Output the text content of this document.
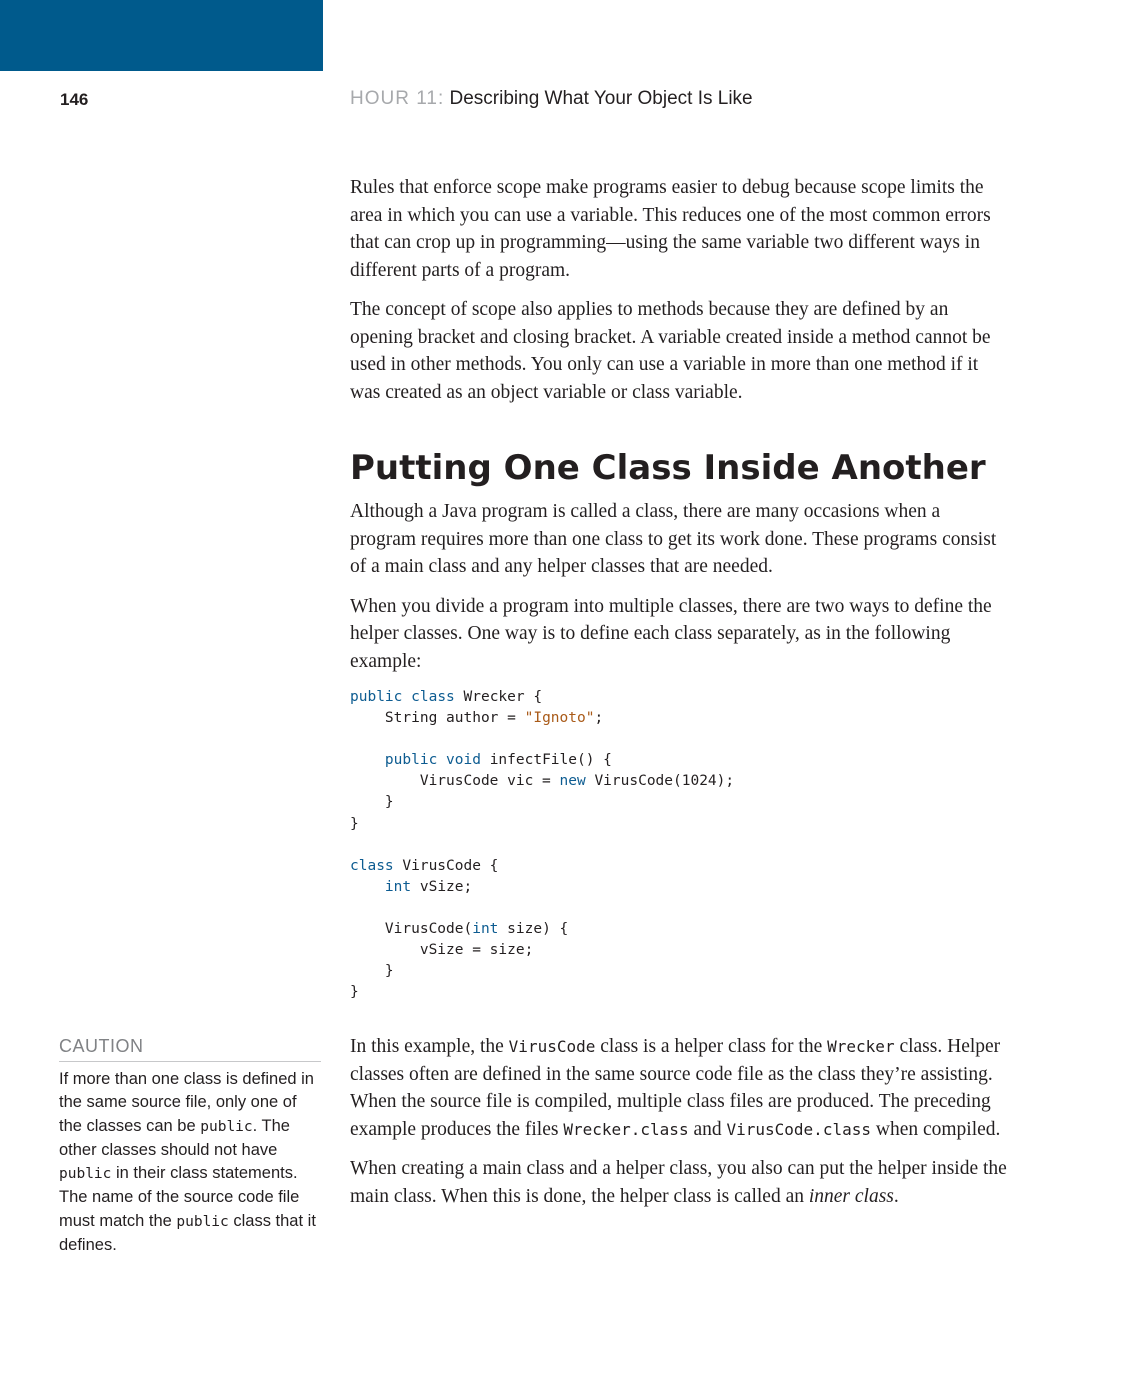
146	HOUR 11: Describing What Your Object Is Like

Rules that enforce scope make programs easier to debug because scope limits the area in which you can use a variable. This reduces one of the most common errors that can crop up in programming—using the same variable two different ways in different parts of a program.

The concept of scope also applies to methods because they are defined by an opening bracket and closing bracket. A variable created inside a method cannot be used in other methods. You only can use a variable in more than one method if it was created as an object variable or class variable.

Putting One Class Inside Another

Although a Java program is called a class, there are many occasions when a program requires more than one class to get its work done. These programs consist of a main class and any helper classes that are needed.

When you divide a program into multiple classes, there are two ways to define the helper classes. One way is to define each class separately, as in the following example:

public class Wrecker {
String author = "Ignoto";

public void infectFile() {
VirusCode vic = new VirusCode(1024);
}
}

class VirusCode {
int vSize;

VirusCode(int size) {
vSize = size;
}
}

In this example, the VirusCode class is a helper class for the Wrecker class. Helper classes often are defined in the same source code file as the class they’re assisting. When the source file is compiled, multiple class files are produced. The preceding example produces the files Wrecker.class and VirusCode.class when compiled.

When creating a main class and a helper class, you also can put the helper inside the main class. When this is done, the helper class is called an inner class.

CAUTION

If more than one class is defined in the same source file, only one of the classes can be public. The other classes should not have public in their class statements. The name of the source code file must match the public class that it defines.
